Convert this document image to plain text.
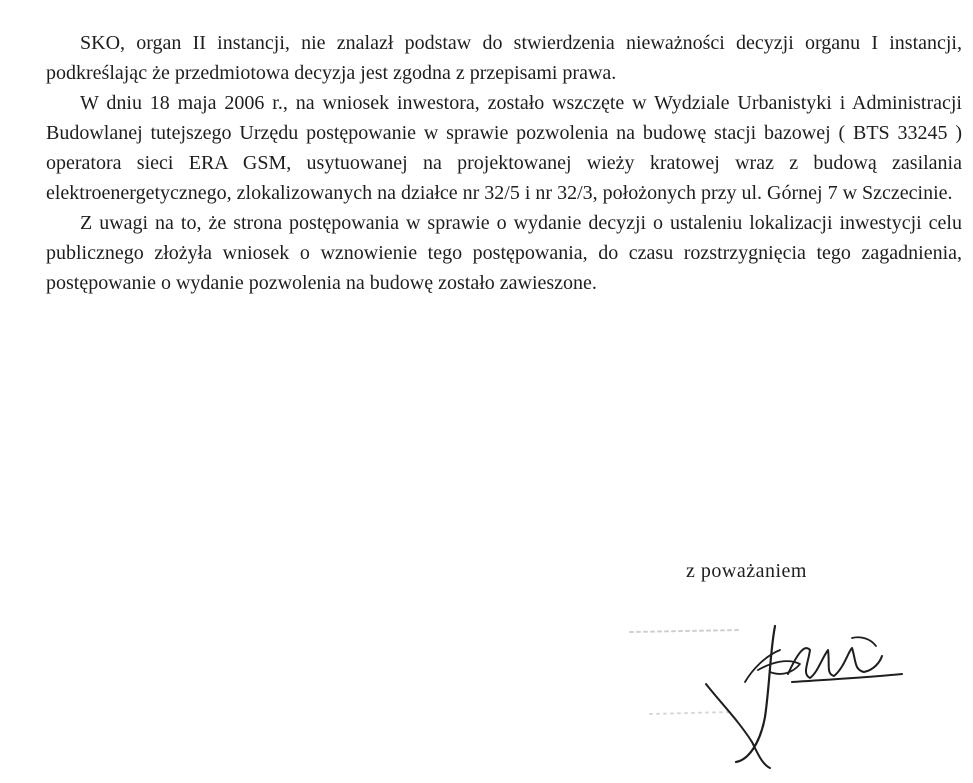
SKO, organ II instancji, nie znalazł podstaw do stwierdzenia nieważności decyzji organu I instancji, podkreślając że przedmiotowa decyzja jest zgodna z przepisami prawa.

W dniu 18 maja 2006 r., na wniosek inwestora, zostało wszczęte w Wydziale Urbanistyki i Administracji Budowlanej tutejszego Urzędu postępowanie w sprawie pozwolenia na budowę stacji bazowej ( BTS 33245 ) operatora sieci ERA GSM, usytuowanej na projektowanej wieży kratowej wraz z budową zasilania elektroenergetycznego, zlokalizowanych na działce nr 32/5 i nr 32/3, położonych przy ul. Górnej 7 w Szczecinie.

Z uwagi na to, że strona postępowania w sprawie o wydanie decyzji o ustaleniu lokalizacji inwestycji celu publicznego złożyła wniosek o wznowienie tego postępowania, do czasu rozstrzygnięcia tego zagadnienia, postępowanie o wydanie pozwolenia na budowę zostało zawieszone.

z poważaniem
